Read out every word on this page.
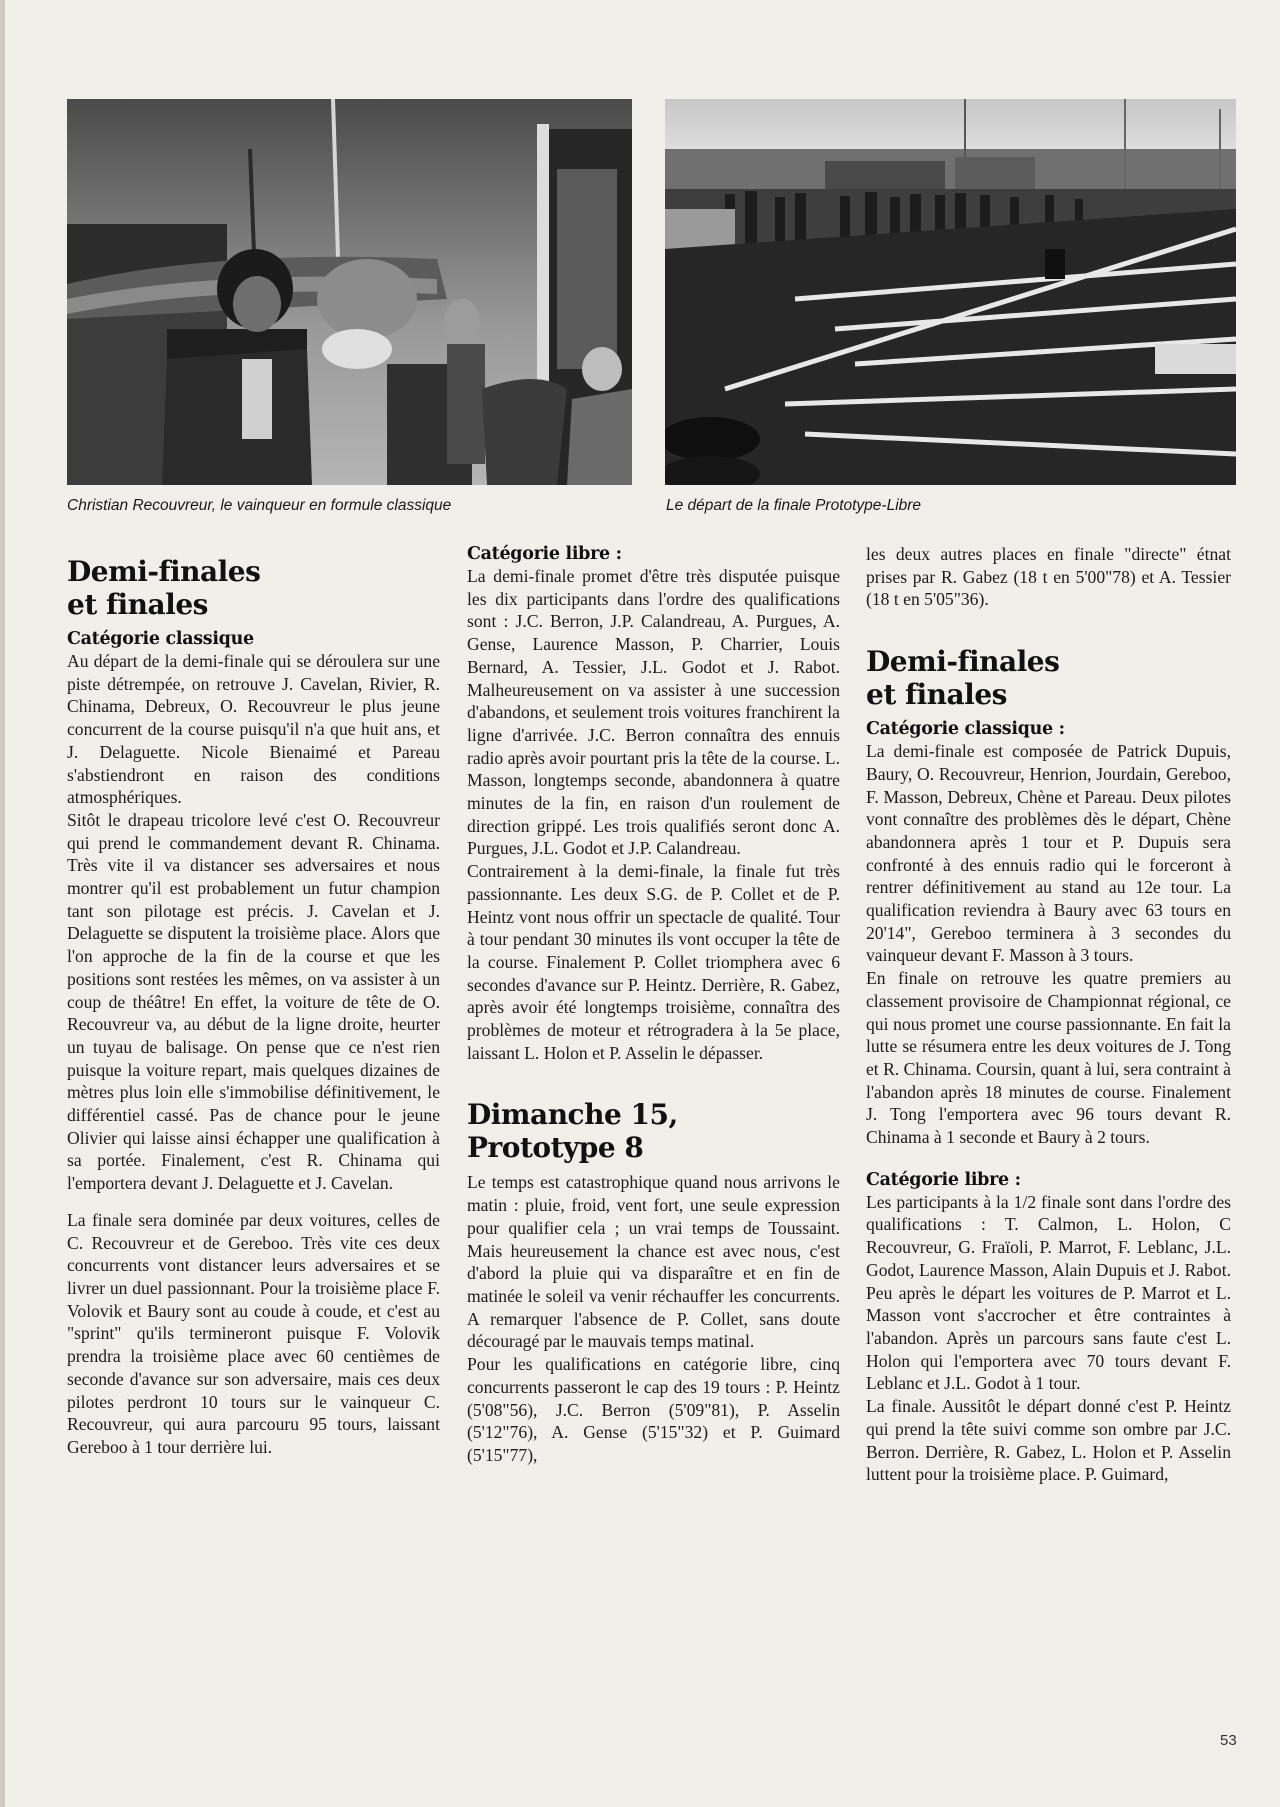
Christian Recouvreur, le vainqueur en formule classique	Le départ de la finale Prototype-Libre
Demi-finales
et finales
Catégorie classique

Au départ de la demi-finale qui se déroulera sur une piste détrempée, on retrouve J. Cavelan, Rivier, R. Chinama, Debreux, O. Recouvreur le plus jeune concurrent de la course puisqu'il n'a que huit ans, et J. Delaguette. Nicole Bienaimé et Pareau s'abstiendront en raison des conditions atmosphériques.

Sitôt le drapeau tricolore levé c'est O. Recouvreur qui prend le commandement devant R. Chinama. Très vite il va distancer ses adversaires et nous montrer qu'il est probablement un futur champion tant son pilotage est précis. J. Cavelan et J. Delaguette se disputent la troisième place. Alors que l'on approche de la fin de la course et que les positions sont restées les mêmes, on va assister à un coup de théâtre! En effet, la voiture de tête de O. Recouvreur va, au début de la ligne droite, heurter un tuyau de balisage. On pense que ce n'est rien puisque la voiture repart, mais quelques dizaines de mètres plus loin elle s'immobilise définitivement, le différentiel cassé. Pas de chance pour le jeune Olivier qui laisse ainsi échapper une qualification à sa portée. Finalement, c'est R. Chinama qui l'emportera devant J. Delaguette et J. Cavelan.

La finale sera dominée par deux voitures, celles de C. Recouvreur et de Gereboo. Très vite ces deux concurrents vont distancer leurs adversaires et se livrer un duel passionnant. Pour la troisième place F. Volovik et Baury sont au coude à coude, et c'est au "sprint" qu'ils termineront puisque F. Volovik prendra la troisième place avec 60 centièmes de seconde d'avance sur son adversaire, mais ces deux pilotes perdront 10 tours sur le vainqueur C. Recouvreur, qui aura parcouru 95 tours, laissant Gereboo à 1 tour derrière lui.

Catégorie libre :

La demi-finale promet d'être très disputée puisque les dix participants dans l'ordre des qualifications sont : J.C. Berron, J.P. Calandreau, A. Purgues, A. Gense, Laurence Masson, P. Charrier, Louis Bernard, A. Tessier, J.L. Godot et J. Rabot. Malheureusement on va assister à une succession d'abandons, et seulement trois voitures franchirent la ligne d'arrivée. J.C. Berron connaîtra des ennuis radio après avoir pourtant pris la tête de la course. L. Masson, longtemps seconde, abandonnera à quatre minutes de la fin, en raison d'un roulement de direction grippé. Les trois qualifiés seront donc A. Purgues, J.L. Godot et J.P. Calandreau.

Contrairement à la demi-finale, la finale fut très passionnante. Les deux S.G. de P. Collet et de P. Heintz vont nous offrir un spectacle de qualité. Tour à tour pendant 30 minutes ils vont occuper la tête de la course. Finalement P. Collet triomphera avec 6 secondes d'avance sur P. Heintz. Derrière, R. Gabez, après avoir été longtemps troisième, connaîtra des problèmes de moteur et rétrogradera à la 5e place, laissant L. Holon et P. Asselin le dépasser.

Dimanche 15,
Prototype 8

Le temps est catastrophique quand nous arrivons le matin : pluie, froid, vent fort, une seule expression pour qualifier cela ; un vrai temps de Toussaint. Mais heureusement la chance est avec nous, c'est d'abord la pluie qui va disparaître et en fin de matinée le soleil va venir réchauffer les concurrents. A remarquer l'absence de P. Collet, sans doute découragé par le mauvais temps matinal.

Pour les qualifications en catégorie libre, cinq concurrents passeront le cap des 19 tours : P. Heintz (5'08"56), J.C. Berron (5'09"81), P. Asselin (5'12"76), A. Gense (5'15"32) et P. Guimard (5'15"77),

les deux autres places en finale "directe" étnat prises par R. Gabez (18 t en 5'00"78) et A. Tessier (18 t en 5'05"36).

Demi-finales
et finales
Catégorie classique :

La demi-finale est composée de Patrick Dupuis, Baury, O. Recouvreur, Henrion, Jourdain, Gereboo, F. Masson, Debreux, Chène et Pareau. Deux pilotes vont connaître des problèmes dès le départ, Chène abandonnera après 1 tour et P. Dupuis sera confronté à des ennuis radio qui le forceront à rentrer définitivement au stand au 12e tour. La qualification reviendra à Baury avec 63 tours en 20'14", Gereboo terminera à 3 secondes du vainqueur devant F. Masson à 3 tours.

En finale on retrouve les quatre premiers au classement provisoire de Championnat régional, ce qui nous promet une course passionnante. En fait la lutte se résumera entre les deux voitures de J. Tong et R. Chinama. Coursin, quant à lui, sera contraint à l'abandon après 18 minutes de course. Finalement J. Tong l'emportera avec 96 tours devant R. Chinama à 1 seconde et Baury à 2 tours.

Catégorie libre :

Les participants à la 1/2 finale sont dans l'ordre des qualifications : T. Calmon, L. Holon, C Recouvreur, G. Fraïoli, P. Marrot, F. Leblanc, J.L. Godot, Laurence Masson, Alain Dupuis et J. Rabot. Peu après le départ les voitures de P. Marrot et L. Masson vont s'accrocher et être contraintes à l'abandon. Après un parcours sans faute c'est L. Holon qui l'emportera avec 70 tours devant F. Leblanc et J.L. Godot à 1 tour.

La finale. Aussitôt le départ donné c'est P. Heintz qui prend la tête suivi comme son ombre par J.C. Berron. Derrière, R. Gabez, L. Holon et P. Asselin luttent pour la troisième place. P. Guimard,

53
